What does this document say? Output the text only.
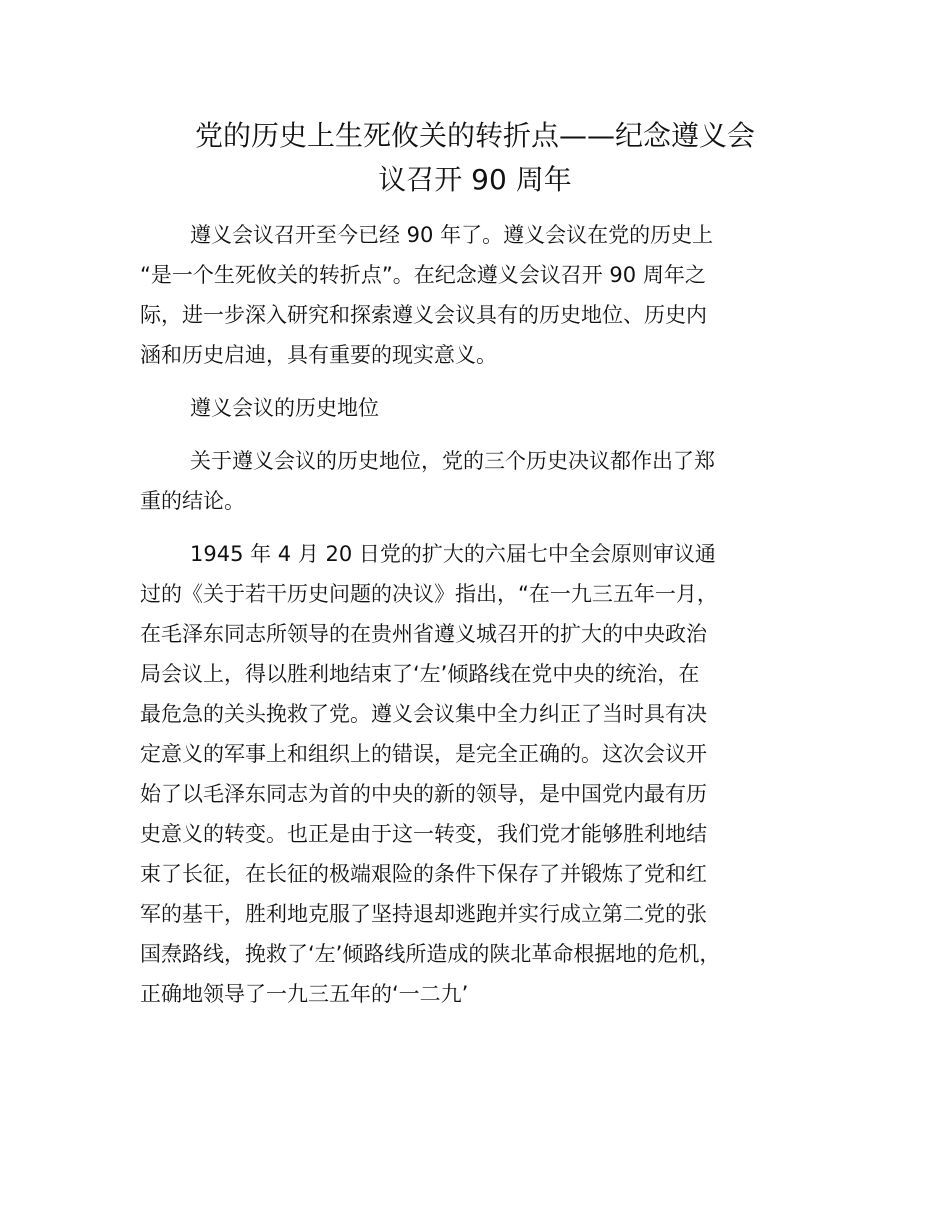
党的历史上生死攸关的转折点——纪念遵义会
议召开 90 周年
遵义会议召开至今已经 90 年了。遵义会议在党的历史上
“是一个生死攸关的转折点”。在纪念遵义会议召开 90 周年之
际，进一步深入研究和探索遵义会议具有的历史地位、历史内
涵和历史启迪，具有重要的现实意义。
遵义会议的历史地位
关于遵义会议的历史地位，党的三个历史决议都作出了郑
重的结论。
1945 年 4 月 20 日党的扩大的六届七中全会原则审议通
过的《关于若干历史问题的决议》指出，“在一九三五年一月，
在毛泽东同志所领导的在贵州省遵义城召开的扩大的中央政治
局会议上，得以胜利地结束了‘左’倾路线在党中央的统治，在
最危急的关头挽救了党。遵义会议集中全力纠正了当时具有决
定意义的军事上和组织上的错误，是完全正确的。这次会议开
始了以毛泽东同志为首的中央的新的领导，是中国党内最有历
史意义的转变。也正是由于这一转变，我们党才能够胜利地结
束了长征，在长征的极端艰险的条件下保存了并锻炼了党和红
军的基干，胜利地克服了坚持退却逃跑并实行成立第二党的张
国焘路线，挽救了‘左’倾路线所造成的陕北革命根据地的危机，
正确地领导了一九三五年的‘一二九’
